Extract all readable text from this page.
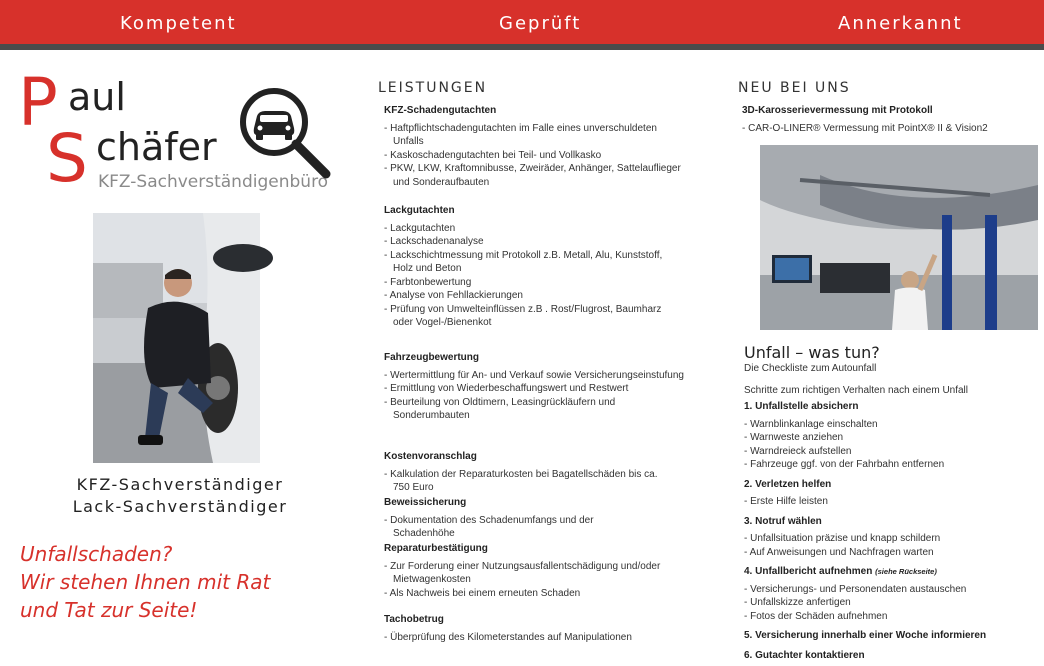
Kompetent	Geprüft	Annerkannt
P aul
S chäfer
KFZ-Sachverständigenbüro
KFZ-Sachverständiger
Lack-Sachverständiger
Unfallschaden?
Wir stehen Ihnen mit Rat
und Tat zur Seite!
LEISTUNGEN
KFZ-Schadengutachten
- Haftpflichtschadengutachten im Falle eines unverschuldeten Unfalls
- Kaskoschadengutachten bei Teil- und Vollkasko
- PKW, LKW, Kraftomnibusse, Zweiräder, Anhänger, Sattelauflieger und Sonderaufbauten
Lackgutachten
- Lackgutachten
- Lackschadenanalyse
- Lackschichtmessung mit Protokoll z.B. Metall, Alu, Kunststoff, Holz und Beton
- Farbtonbewertung
- Analyse von Fehllackierungen
- Prüfung von Umwelteinflüssen z.B . Rost/Flugrost, Baumharz oder Vogel-/Bienenkot
Fahrzeugbewertung
- Wertermittlung für An- und Verkauf sowie Versicherungseinstufung
- Ermittlung von Wiederbeschaffungswert und Restwert
- Beurteilung von Oldtimern, Leasingrückläufern und Sonderumbauten
Kostenvoranschlag
- Kalkulation der Reparaturkosten bei Bagatellschäden bis ca. 750 Euro
Beweissicherung
- Dokumentation des Schadenumfangs und der Schadenhöhe
Reparaturbestätigung
- Zur Forderung einer Nutzungsausfallentschädigung und/oder Mietwagenkosten
- Als Nachweis bei einem erneuten Schaden
Tachobetrug
- Überprüfung des Kilometerstandes auf Manipulationen
NEU BEI UNS
3D-Karosserievermessung mit Protokoll
- CAR-O-LINER® Vermessung mit PointX® II & Vision2
Unfall – was tun?
Die Checkliste zum Autounfall
Schritte zum richtigen Verhalten nach einem Unfall
1. Unfallstelle absichern
- Warnblinkanlage einschalten
- Warnweste anziehen
- Warndreieck aufstellen
- Fahrzeuge ggf. von der Fahrbahn entfernen
2. Verletzen helfen
- Erste Hilfe leisten
3. Notruf wählen
- Unfallsituation präzise und knapp schildern
- Auf Anweisungen und Nachfragen warten
4. Unfallbericht aufnehmen (siehe Rückseite)
- Versicherungs- und Personendaten austauschen
- Unfallskizze anfertigen
- Fotos der Schäden aufnehmen
5. Versicherung innerhalb einer Woche informieren
6. Gutachter kontaktieren
